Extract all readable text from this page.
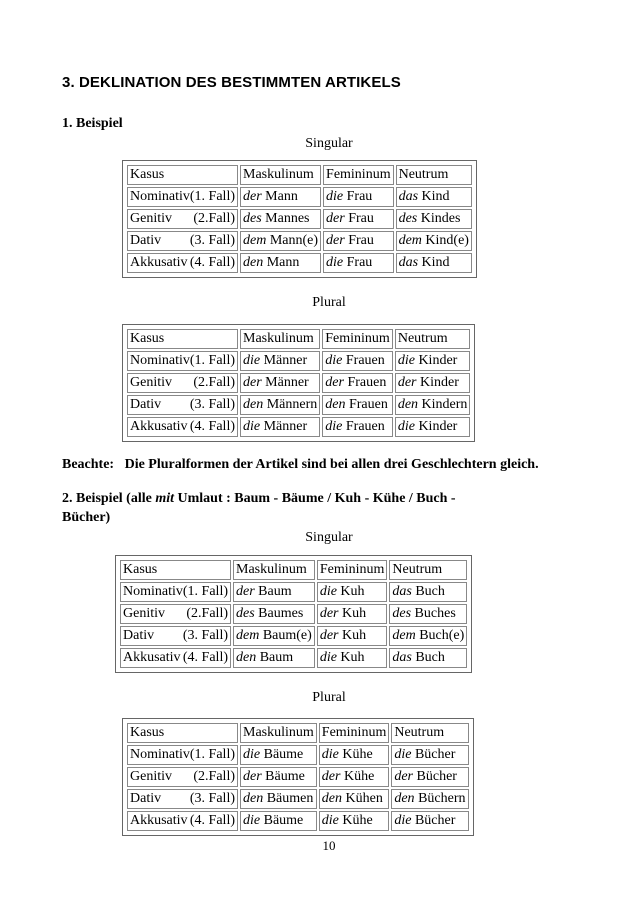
3. DEKLINATION DES BESTIMMTEN ARTIKELS
1. Beispiel
Singular
Kasus	Maskulinum	Femininum	Neutrum

Nominativ (1. Fall)	der Mann	die Frau	das Kind

Genitiv (2.Fall)	des Mannes	der Frau	des Kindes

Dativ (3. Fall)	dem Mann(e)	der Frau	dem Kind(e)

Akkusativ (4. Fall)	den Mann	die Frau	das Kind
Plural
Kasus	Maskulinum	Femininum	Neutrum

Nominativ (1. Fall)	die Männer	die Frauen	die Kinder

Genitiv (2.Fall)	der Männer	der Frauen	der Kinder

Dativ (3. Fall)	den Männern	den Frauen	den Kindern

Akkusativ (4. Fall)	die Männer	die Frauen	die Kinder
Beachte: Die Pluralformen der Artikel sind bei allen drei Geschlechtern gleich.
2. Beispiel (alle mit Umlaut : Baum - Bäume / Kuh - Kühe / Buch -
Bücher)
Singular
Kasus	Maskulinum	Femininum	Neutrum

Nominativ (1. Fall)	der Baum	die Kuh	das Buch

Genitiv (2.Fall)	des Baumes	der Kuh	des Buches

Dativ (3. Fall)	dem Baum(e)	der Kuh	dem Buch(e)

Akkusativ (4. Fall)	den Baum	die Kuh	das Buch
Plural
Kasus	Maskulinum	Femininum	Neutrum

Nominativ (1. Fall)	die Bäume	die Kühe	die Bücher

Genitiv (2.Fall)	der Bäume	der Kühe	der Bücher

Dativ (3. Fall)	den Bäumen	den Kühen	den Büchern

Akkusativ (4. Fall)	die Bäume	die Kühe	die Bücher
10
